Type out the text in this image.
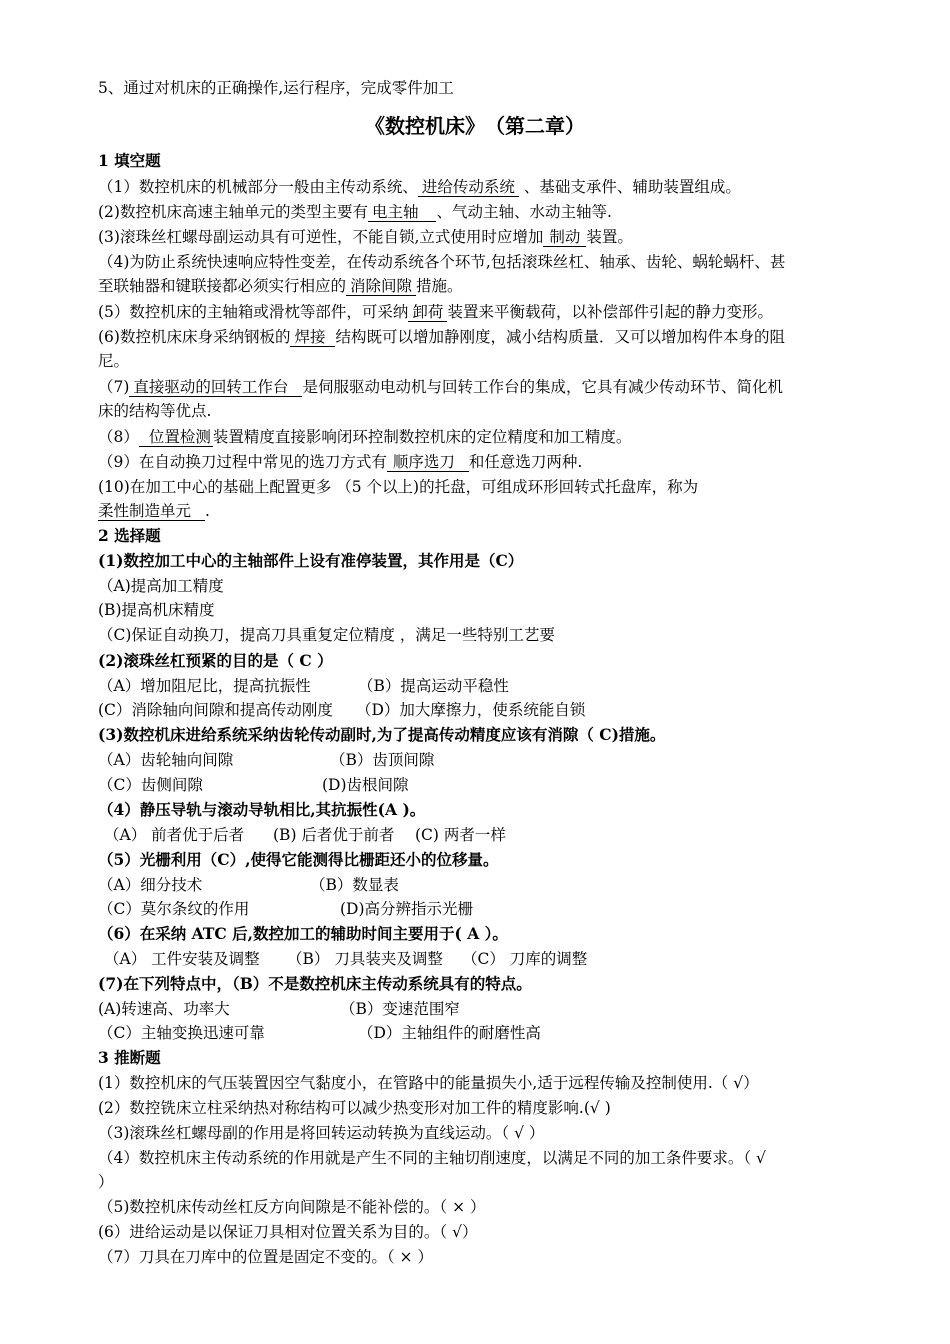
5、通过对机床的正确操作,运行程序，完成零件加工
《数控机床》　（第二章）
1 填空题
（1）数控机床的机械部分一般由主传动系统、 进给传动系统 、基础支承件、辅助装置组成。
(2)数控机床高速主轴单元的类型主要有 电主轴 、气动主轴、水动主轴等.
(3)滚珠丝杠螺母副运动具有可逆性，不能自锁,立式使用时应增加 制动 装置。
（4)为防止系统快速响应特性变差，在传动系统各个环节,包括滚珠丝杠、轴承、齿轮、蜗轮蜗杆、甚
至联轴器和键联接都必须实行相应的 消除间隙 措施。
(5）数控机床的主轴箱或滑枕等部件，可采纳 卸荷 装置来平衡载荷，以补偿部件引起的静力变形。
(6)数控机床床身采纳钢板的 焊接 结构既可以增加静刚度，减小结构质量．又可以增加构件本身的阻
尼。
（7) 直接驱动的回转工作台 是伺服驱动电动机与回转工作台的集成，它具有减少传动环节、简化机
床的结构等优点.
（8） 位置检测 装置精度直接影响闭环控制数控机床的定位精度和加工精度。
（9）在自动换刀过程中常见的选刀方式有 顺序选刀 和任意选刀两种.
(10)在加工中心的基础上配置更多 （5 个以上)的托盘，可组成环形回转式托盘库，称为
柔性制造单元 .
2 选择题
(1)数控加工中心的主轴部件上设有准停装置，其作用是（C）
（A)提高加工精度
(B)提高机床精度
（C)保证自动换刀，提高刀具重复定位精度 ，满足一些特别工艺要
(2)滚珠丝杠预紧的目的是（ C ）
（A）增加阻尼比，提高抗振性	（B）提高运动平稳性
(C）消除轴向间隙和提高传动刚度 （D）加大摩擦力，使系统能自锁
(3)数控机床进给系统采纳齿轮传动副时,为了提高传动精度应该有消隙（ C)措施。
（A）齿轮轴向间隙	（B）齿顶间隙
（C）齿侧间隙	(D)齿根间隙
（4）静压导轨与滚动导轨相比,其抗振性(A )。
（A） 前者优于后者 (B) 后者优于前者 (C) 两者一样
（5）光栅利用（C）,使得它能测得比栅距还小的位移量。
（A）细分技术	（B）数显表
（C）莫尔条纹的作用	(D)高分辨指示光栅
（6）在采纳 ATC 后,数控加工的辅助时间主要用于( A ）。
（A） 工件安装及调整 （B） 刀具装夹及调整 （C） 刀库的调整
(7)在下列特点中，（B）不是数控机床主传动系统具有的特点。
(A)转速高、功率大	（B）变速范围窄
（C）主轴变换迅速可靠	（D）主轴组件的耐磨性高
3 推断题
(1）数控机床的气压装置因空气黏度小，在管路中的能量损失小,适于远程传输及控制使用.（ √）
(2）数控铣床立柱采纳热对称结构可以减少热变形对加工件的精度影响.(√ )
（3)滚珠丝杠螺母副的作用是将回转运动转换为直线运动。（ √ ）
（4）数控机床主传动系统的作用就是产生不同的主轴切削速度，以满足不同的加工条件要求。（ √
）
（5)数控机床传动丝杠反方向间隙是不能补偿的。（ × ）
(6）进给运动是以保证刀具相对位置关系为目的。（ √）
（7）刀具在刀库中的位置是固定不变的。（ × ）
